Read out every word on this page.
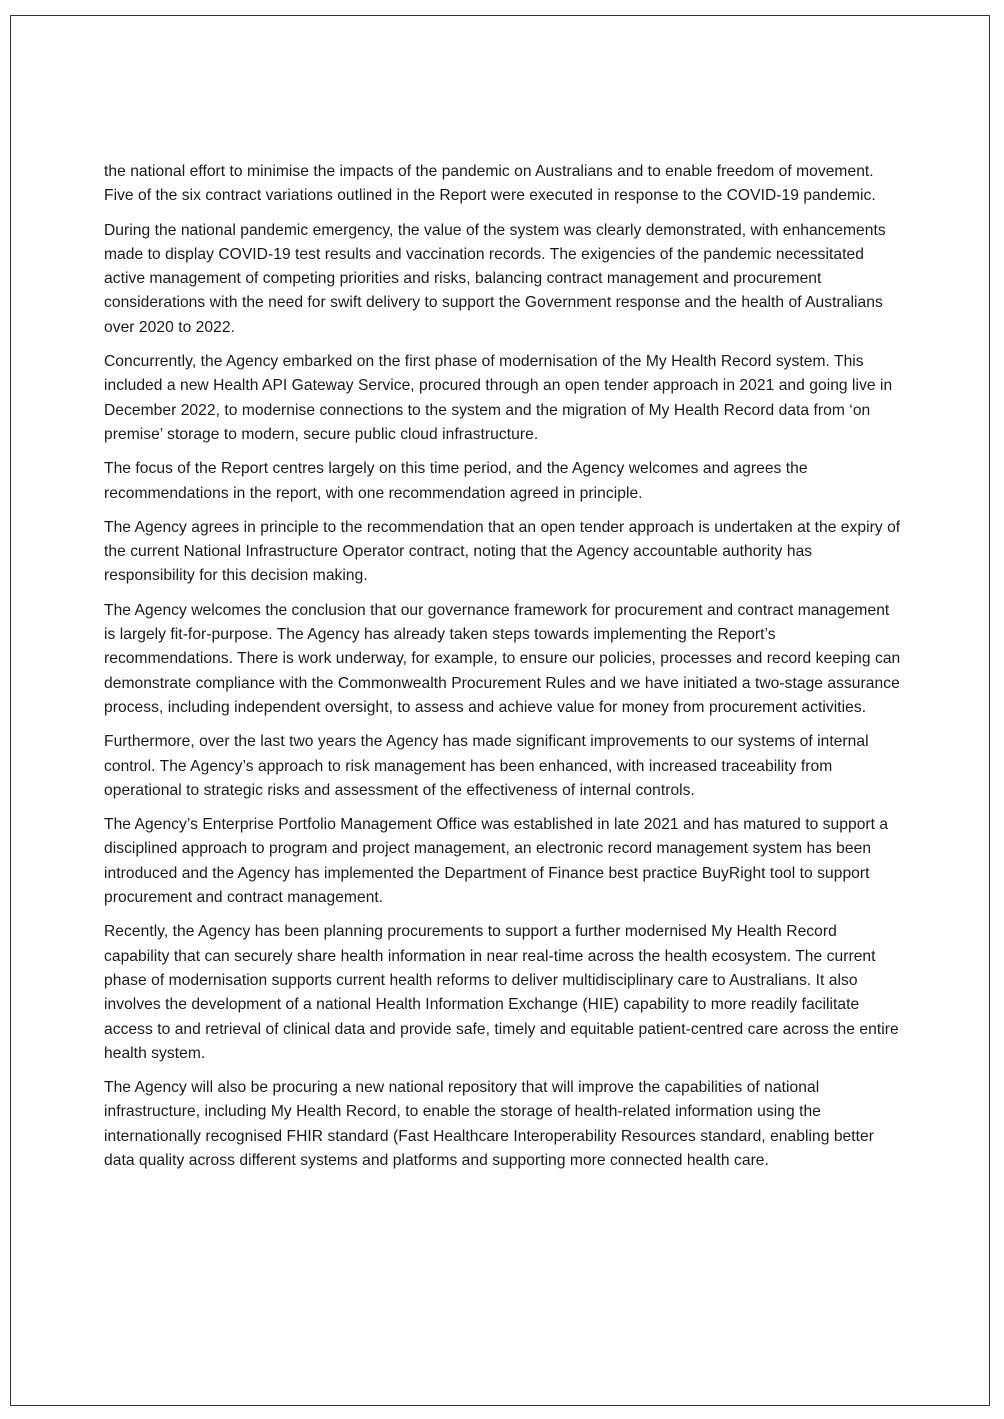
the national effort to minimise the impacts of the pandemic on Australians and to enable freedom of movement. Five of the six contract variations outlined in the Report were executed in response to the COVID-19 pandemic.

During the national pandemic emergency, the value of the system was clearly demonstrated, with enhancements made to display COVID-19 test results and vaccination records. The exigencies of the pandemic necessitated active management of competing priorities and risks, balancing contract management and procurement considerations with the need for swift delivery to support the Government response and the health of Australians over 2020 to 2022.

Concurrently, the Agency embarked on the first phase of modernisation of the My Health Record system. This included a new Health API Gateway Service, procured through an open tender approach in 2021 and going live in December 2022, to modernise connections to the system and the migration of My Health Record data from ‘on premise’ storage to modern, secure public cloud infrastructure.

The focus of the Report centres largely on this time period, and the Agency welcomes and agrees the recommendations in the report, with one recommendation agreed in principle.

The Agency agrees in principle to the recommendation that an open tender approach is undertaken at the expiry of the current National Infrastructure Operator contract, noting that the Agency accountable authority has responsibility for this decision making.

The Agency welcomes the conclusion that our governance framework for procurement and contract management is largely fit-for-purpose. The Agency has already taken steps towards implementing the Report’s recommendations. There is work underway, for example, to ensure our policies, processes and record keeping can demonstrate compliance with the Commonwealth Procurement Rules and we have initiated a two-stage assurance process, including independent oversight, to assess and achieve value for money from procurement activities.

Furthermore, over the last two years the Agency has made significant improvements to our systems of internal control. The Agency’s approach to risk management has been enhanced, with increased traceability from operational to strategic risks and assessment of the effectiveness of internal controls.

The Agency’s Enterprise Portfolio Management Office was established in late 2021 and has matured to support a disciplined approach to program and project management, an electronic record management system has been introduced and the Agency has implemented the Department of Finance best practice BuyRight tool to support procurement and contract management.

Recently, the Agency has been planning procurements to support a further modernised My Health Record capability that can securely share health information in near real-time across the health ecosystem. The current phase of modernisation supports current health reforms to deliver multidisciplinary care to Australians. It also involves the development of a national Health Information Exchange (HIE) capability to more readily facilitate access to and retrieval of clinical data and provide safe, timely and equitable patient-centred care across the entire health system.

The Agency will also be procuring a new national repository that will improve the capabilities of national infrastructure, including My Health Record, to enable the storage of health-related information using the internationally recognised FHIR standard (Fast Healthcare Interoperability Resources standard, enabling better data quality across different systems and platforms and supporting more connected health care.
